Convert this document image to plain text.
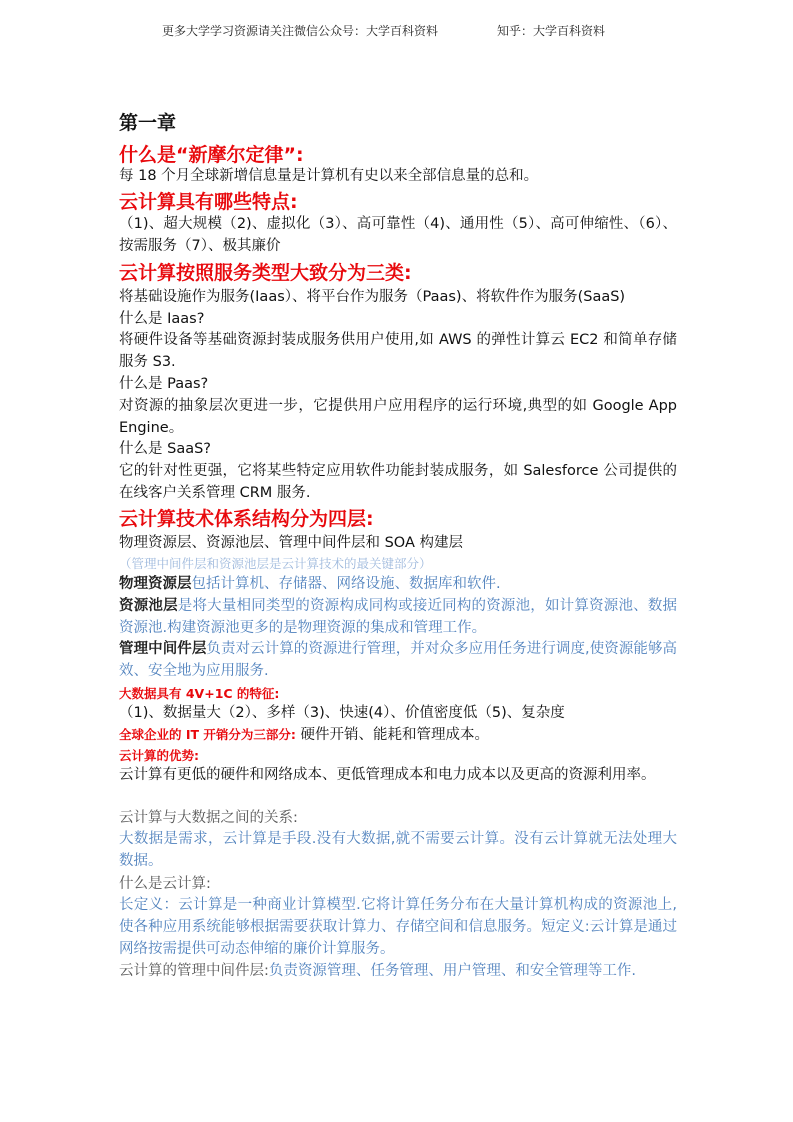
更多大学学习资源请关注微信公众号：大学百科资料	知乎：大学百科资料
第一章
什么是“新摩尔定律”:
每 18 个月全球新增信息量是计算机有史以来全部信息量的总和。
云计算具有哪些特点:
（1)、超大规模（2)、虚拟化（3）、高可靠性（4)、通用性（5）、高可伸缩性、（6）、按需服务（7）、极其廉价
云计算按照服务类型大致分为三类:
将基础设施作为服务(Iaas）、将平台作为服务（Paas)、将软件作为服务(SaaS)
什么是 Iaas?
将硬件设备等基础资源封装成服务供用户使用,如 AWS 的弹性计算云 EC2 和简单存储服务 S3.
什么是 Paas?
对资源的抽象层次更进一步，它提供用户应用程序的运行环境,典型的如 Google App Engine。
什么是 SaaS?
它的针对性更强，它将某些特定应用软件功能封装成服务，如 Salesforce 公司提供的在线客户关系管理 CRM 服务.
云计算技术体系结构分为四层:
物理资源层、资源池层、管理中间件层和 SOA 构建层
（管理中间件层和资源池层是云计算技术的最关键部分）
物理资源层包括计算机、存储器、网络设施、数据库和软件.
资源池层是将大量相同类型的资源构成同构或接近同构的资源池，如计算资源池、数据资源池.构建资源池更多的是物理资源的集成和管理工作。
管理中间件层负责对云计算的资源进行管理，并对众多应用任务进行调度,使资源能够高效、安全地为应用服务.
大数据具有 4V+1C 的特征:
（1)、数据量大（2）、多样（3)、快速(4）、价值密度低（5)、复杂度
全球企业的 IT 开销分为三部分: 硬件开销、能耗和管理成本。
云计算的优势:
云计算有更低的硬件和网络成本、更低管理成本和电力成本以及更高的资源利用率。
云计算与大数据之间的关系:
大数据是需求，云计算是手段.没有大数据,就不需要云计算。没有云计算就无法处理大数据。
什么是云计算:
长定义：云计算是一种商业计算模型.它将计算任务分布在大量计算机构成的资源池上,使各种应用系统能够根据需要获取计算力、存储空间和信息服务。短定义:云计算是通过网络按需提供可动态伸缩的廉价计算服务。
云计算的管理中间件层:负责资源管理、任务管理、用户管理、和安全管理等工作.
